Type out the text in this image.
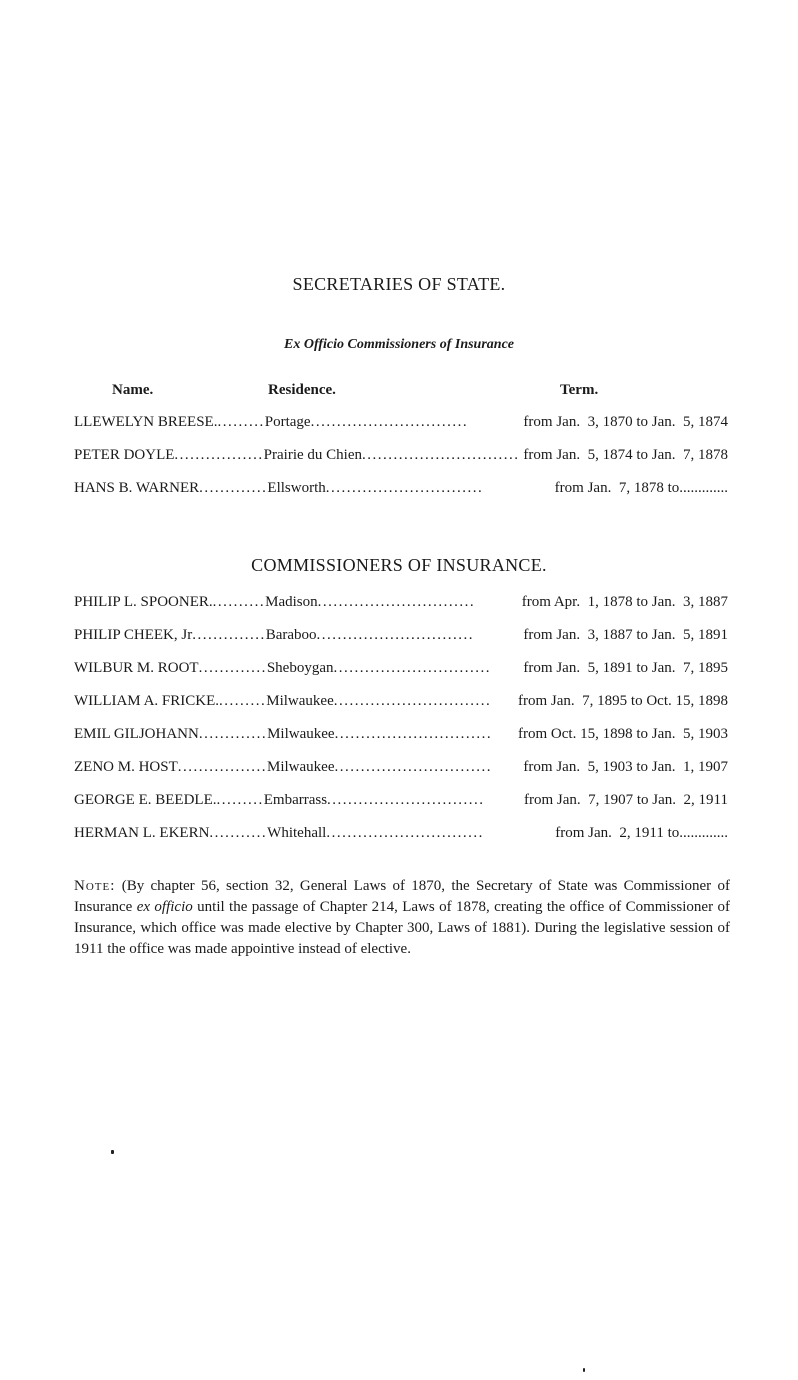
SECRETARIES OF STATE.
Ex Officio Commissioners of Insurance
Name.	Residence.	Term.
LLEWELYN BREESE..........Portage..............................	from Jan.  3, 1870 to Jan.  5, 1874
PETER DOYLE.................Prairie du Chien.............................. from Jan.  5, 1874 to Jan.  7, 1878
HANS B. WARNER.............Ellsworth..............................	from Jan.  7, 1878 to.............
COMMISSIONERS OF INSURANCE.
PHILIP L. SPOONER...........Madison..............................	from Apr.  1, 1878 to Jan.  3, 1887
PHILIP CHEEK, Jr..............Baraboo..............................	from Jan.  3, 1887 to Jan.  5, 1891
WILBUR M. ROOT.............Sheboygan.............................. from Jan.  5, 1891 to Jan.  7, 1895
WILLIAM A. FRICKE..........Milwaukee.............................. from Jan.  7, 1895 to Oct. 15, 1898
EMIL GILJOHANN.............Milwaukee.............................. from Oct. 15, 1898 to Jan.  5, 1903
ZENO M. HOST.................Milwaukee.............................. from Jan.  5, 1903 to Jan.  1, 1907
GEORGE E. BEEDLE..........Embarrass..............................	from Jan.  7, 1907 to Jan.  2, 1911
HERMAN L. EKERN...........Whitehall..............................	from Jan.  2, 1911 to.............
Note: (By chapter 56, section 32, General Laws of 1870, the Secretary of State was Commissioner of Insurance ex officio until the passage of Chapter 214, Laws of 1878, creating the office of Commissioner of Insurance, which office was made elective by Chapter 300, Laws of 1881). During the legislative session of 1911 the office was made appointive instead of elective.
